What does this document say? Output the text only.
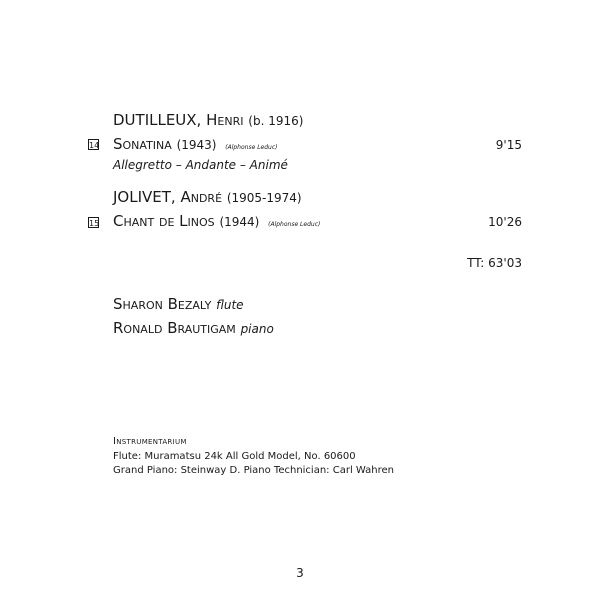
DUTILLEUX, Henri (b. 1916)
14 Sonatina (1943) (Alphonse Leduc)	9'15
Allegretto – Andante – Animé
JOLIVET, André (1905-1974)
15 Chant de Linos (1944) (Alphonse Leduc)	10'26
TT: 63'03
Sharon Bezaly flute
Ronald Brautigam piano
Instrumentarium
Flute: Muramatsu 24k All Gold Model, No. 60600
Grand Piano: Steinway D. Piano Technician: Carl Wahren
3
